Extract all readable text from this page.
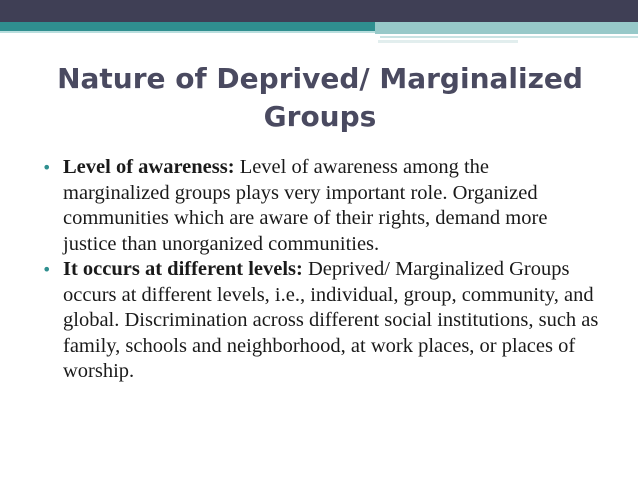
Nature of Deprived/ Marginalized Groups
• Level of awareness: Level of awareness among the marginalized groups plays very important role. Organized communities which are aware of their rights, demand more justice than unorganized communities.
• It occurs at different levels: Deprived/ Marginalized Groups occurs at different levels, i.e., individual, group, community, and global. Discrimination across different social institutions, such as family, schools and neighborhood, at work places, or places of worship.
